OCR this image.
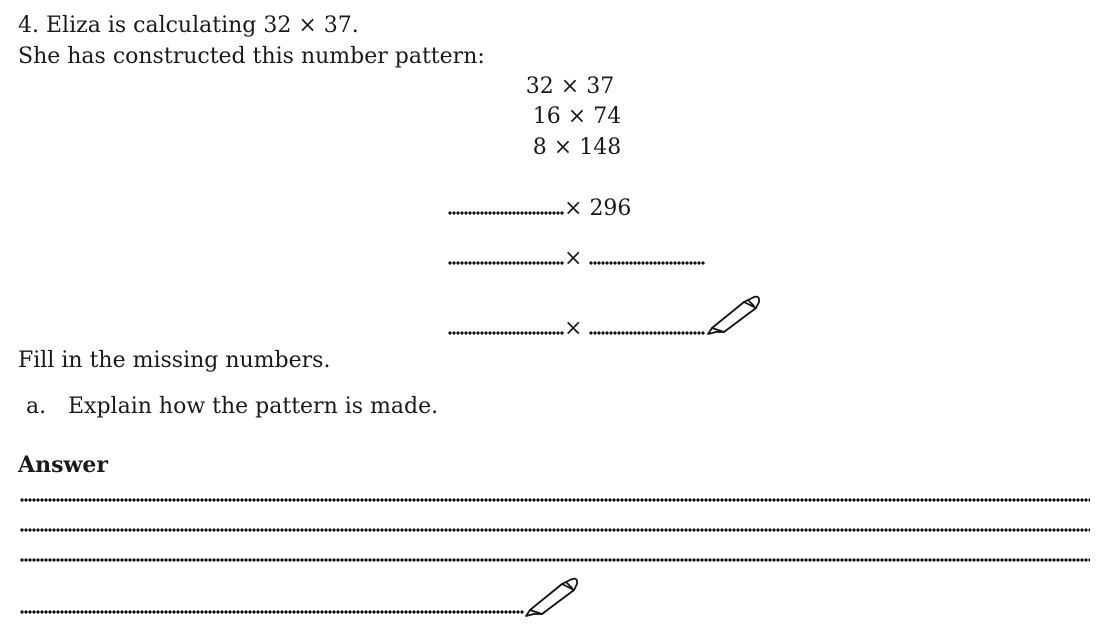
4. Eliza is calculating 32 × 37.
She has constructed this number pattern:
32 × 37
16 × 74
8 × 148
× 296
×
×
Fill in the missing numbers.
a. Explain how the pattern is made.
Answer
